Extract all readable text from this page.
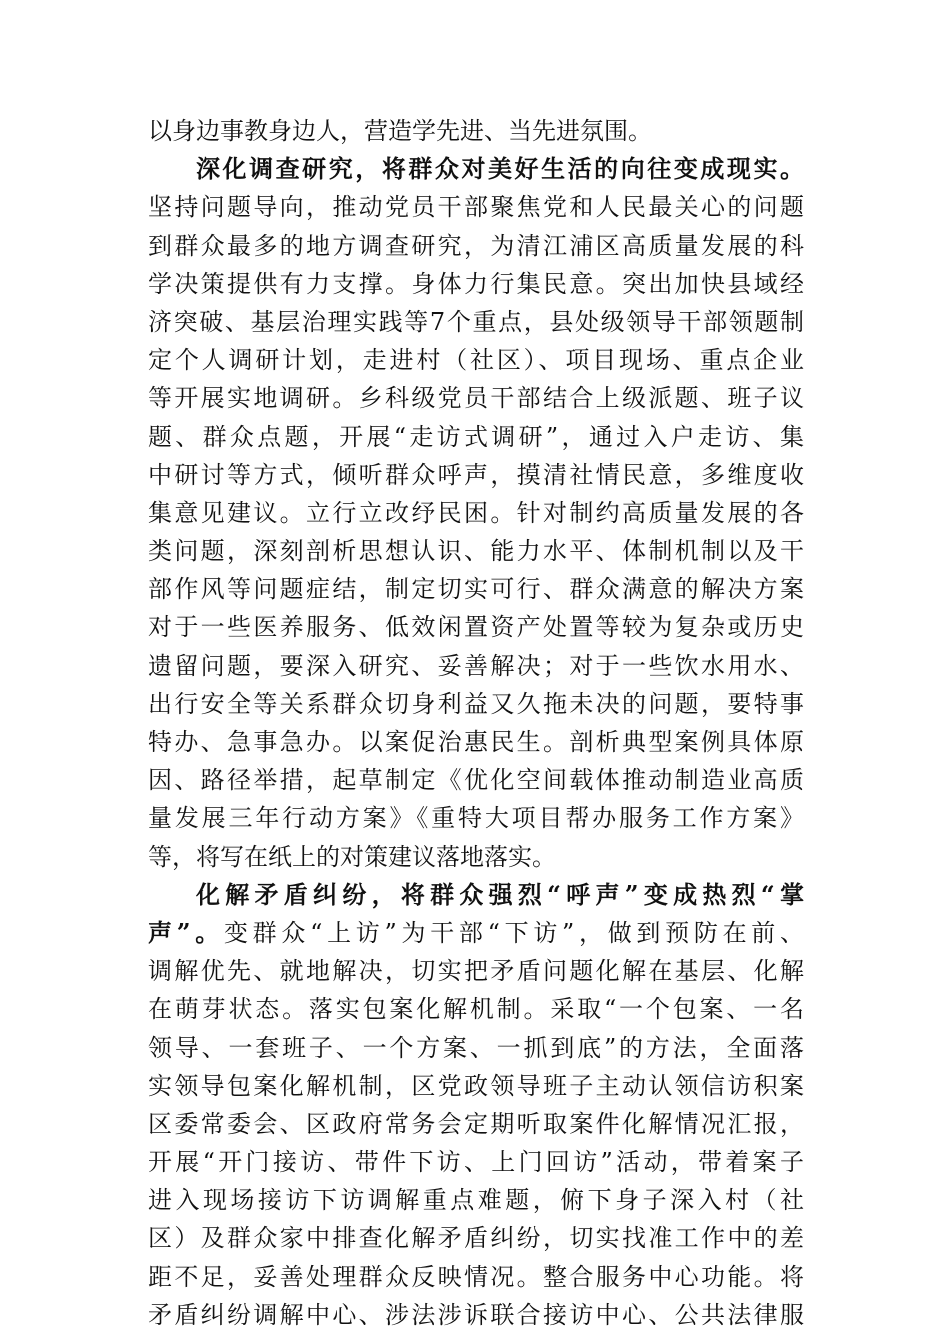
以身边事教身边人，营造学先进、当先进氛围。
深化调查研究，将群众对美好生活的向往变成现实。
坚持问题导向，推动党员干部聚焦党和人民最关心的问题
到群众最多的地方调查研究，为清江浦区高质量发展的科
学决策提供有力支撑。身体力行集民意。突出加快县域经
济突破、基层治理实践等7个重点，县处级领导干部领题制
定个人调研计划，走进村（社区）、项目现场、重点企业
等开展实地调研。乡科级党员干部结合上级派题、班子议
题、群众点题，开展“走访式调研”，通过入户走访、集
中研讨等方式，倾听群众呼声，摸清社情民意，多维度收
集意见建议。立行立改纾民困。针对制约高质量发展的各
类问题，深刻剖析思想认识、能力水平、体制机制以及干
部作风等问题症结，制定切实可行、群众满意的解决方案
对于一些医养服务、低效闲置资产处置等较为复杂或历史
遗留问题，要深入研究、妥善解决；对于一些饮水用水、
出行安全等关系群众切身利益又久拖未决的问题，要特事
特办、急事急办。以案促治惠民生。剖析典型案例具体原
因、路径举措，起草制定《优化空间载体推动制造业高质
量发展三年行动方案》《重特大项目帮办服务工作方案》
等，将写在纸上的对策建议落地落实。
化解矛盾纠纷，将群众强烈“呼声”变成热烈“掌
声”。变群众“上访”为干部“下访”，做到预防在前、
调解优先、就地解决，切实把矛盾问题化解在基层、化解
在萌芽状态。落实包案化解机制。采取“一个包案、一名
领导、一套班子、一个方案、一抓到底”的方法，全面落
实领导包案化解机制，区党政领导班子主动认领信访积案
区委常委会、区政府常务会定期听取案件化解情况汇报，
开展“开门接访、带件下访、上门回访”活动，带着案子
进入现场接访下访调解重点难题，俯下身子深入村（社
区）及群众家中排查化解矛盾纠纷，切实找准工作中的差
距不足，妥善处理群众反映情况。整合服务中心功能。将
矛盾纠纷调解中心、涉法涉诉联合接访中心、公共法律服
